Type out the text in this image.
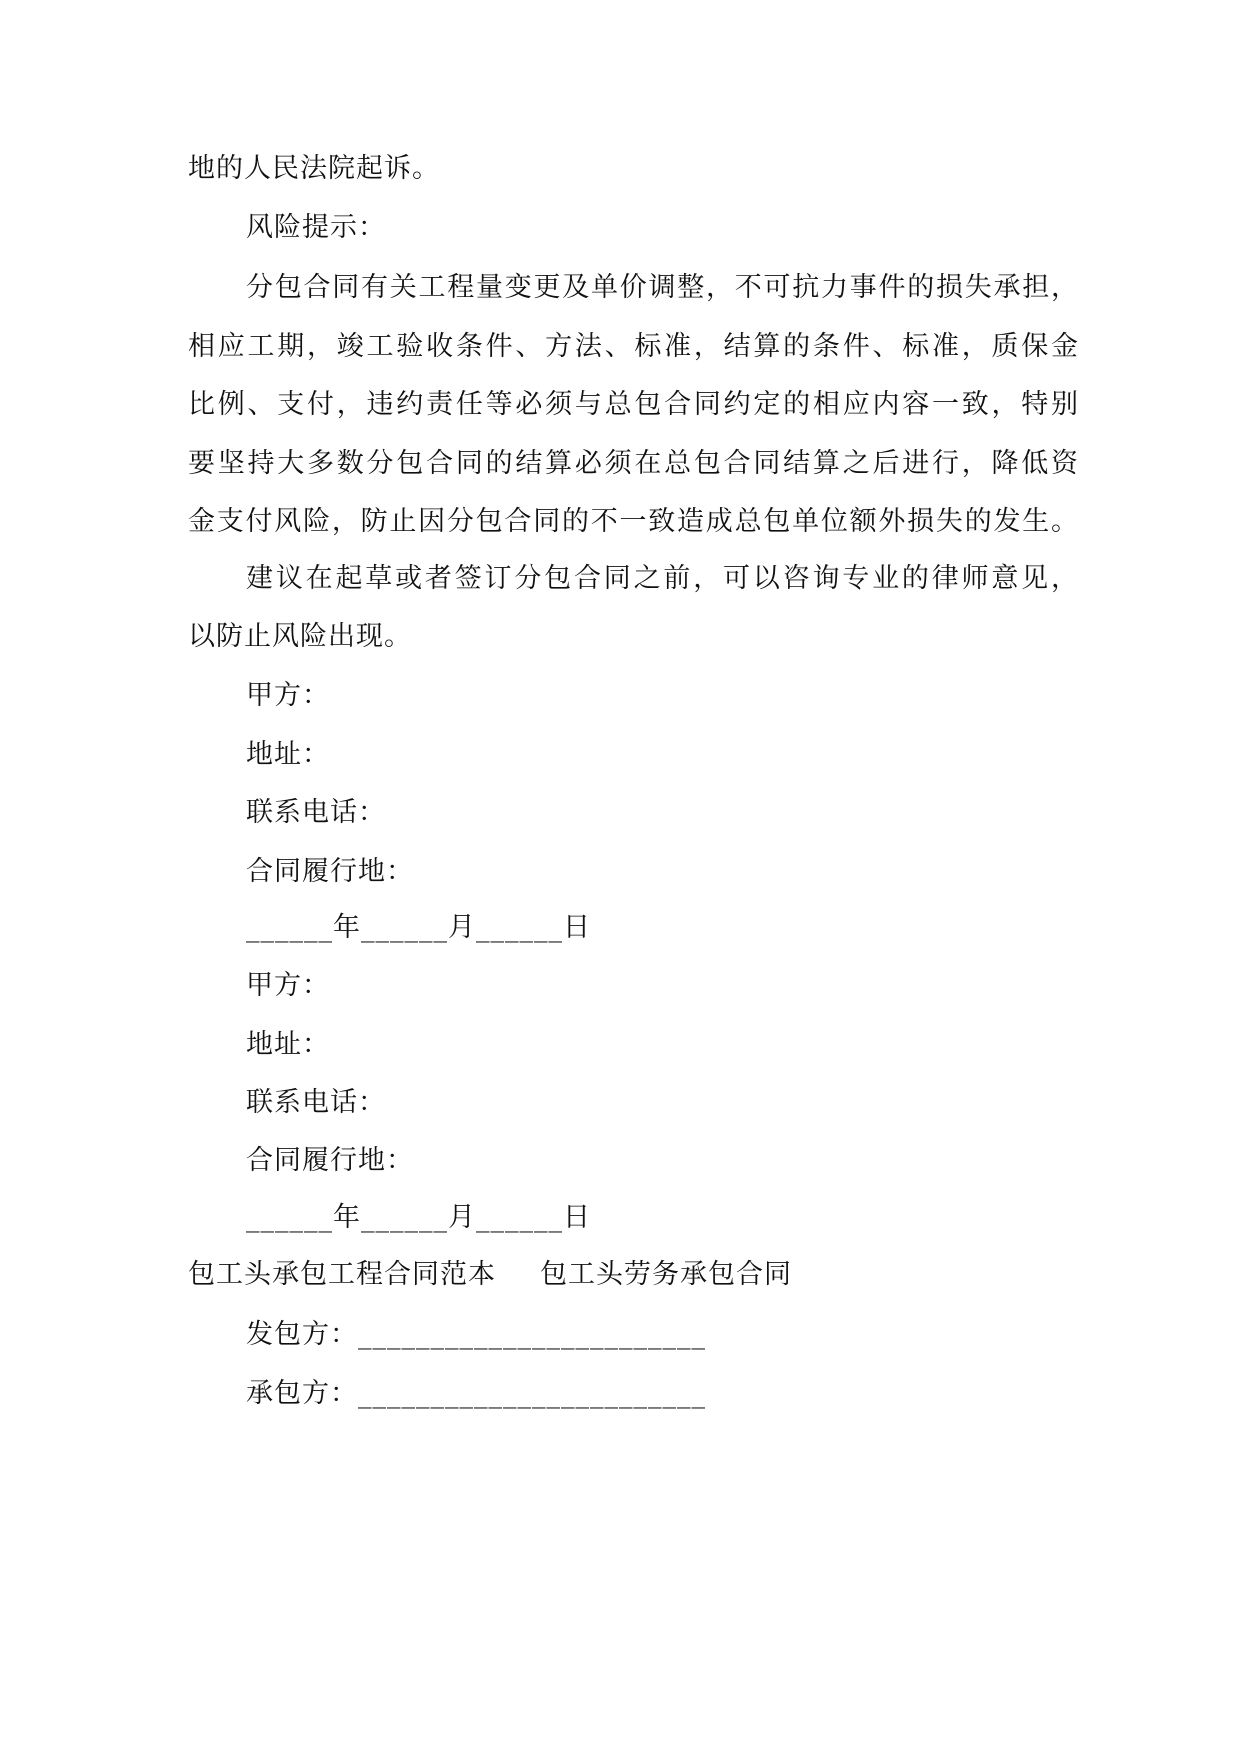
地的人民法院起诉。
风险提示：
分包合同有关工程量变更及单价调整，不可抗力事件的损失承担，
相应工期，竣工验收条件、方法、标准，结算的条件、标准，质保金
比例、支付，违约责任等必须与总包合同约定的相应内容一致，特别
要坚持大多数分包合同的结算必须在总包合同结算之后进行，降低资
金支付风险，防止因分包合同的不一致造成总包单位额外损失的发生。
建议在起草或者签订分包合同之前，可以咨询专业的律师意见，
以防止风险出现。
甲方：
地址：
联系电话：
合同履行地：
______年______月______日
甲方：
地址：
联系电话：
合同履行地：
______年______月______日
包工头承包工程合同范本 包工头劳务承包合同
发包方：________________________
承包方：________________________
